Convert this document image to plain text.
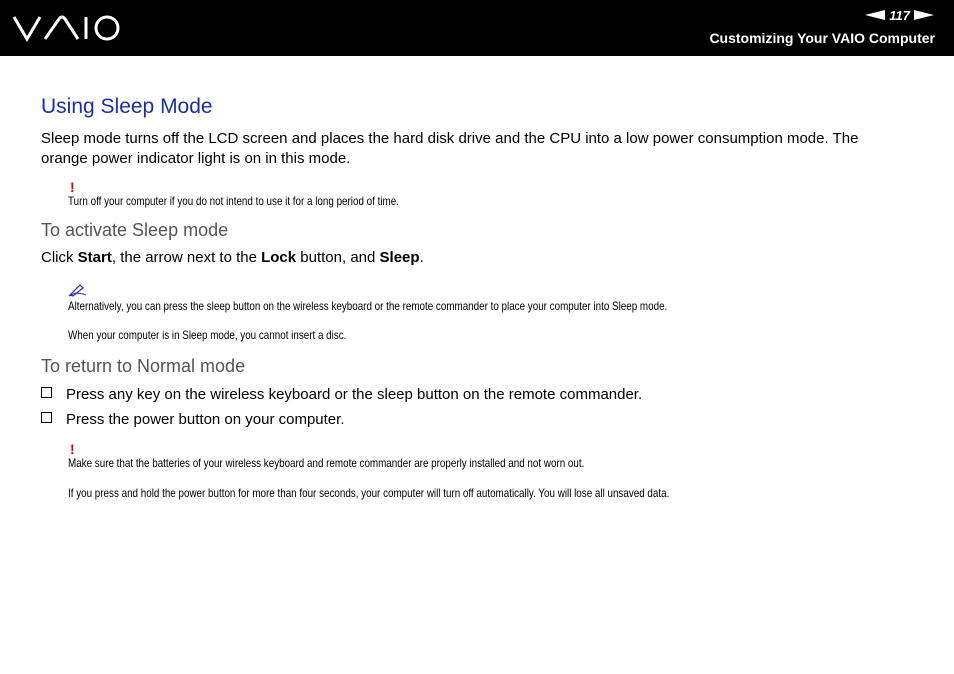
117
Customizing Your VAIO Computer
Using Sleep Mode
Sleep mode turns off the LCD screen and places the hard disk drive and the CPU into a low power consumption mode. The
orange power indicator light is on in this mode.
!
Turn off your computer if you do not intend to use it for a long period of time.
To activate Sleep mode
Click Start, the arrow next to the Lock button, and Sleep.
Alternatively, you can press the sleep button on the wireless keyboard or the remote commander to place your computer into Sleep mode.
When your computer is in Sleep mode, you cannot insert a disc.
To return to Normal mode
Press any key on the wireless keyboard or the sleep button on the remote commander.
Press the power button on your computer.
!
Make sure that the batteries of your wireless keyboard and remote commander are properly installed and not worn out.
If you press and hold the power button for more than four seconds, your computer will turn off automatically. You will lose all unsaved data.
